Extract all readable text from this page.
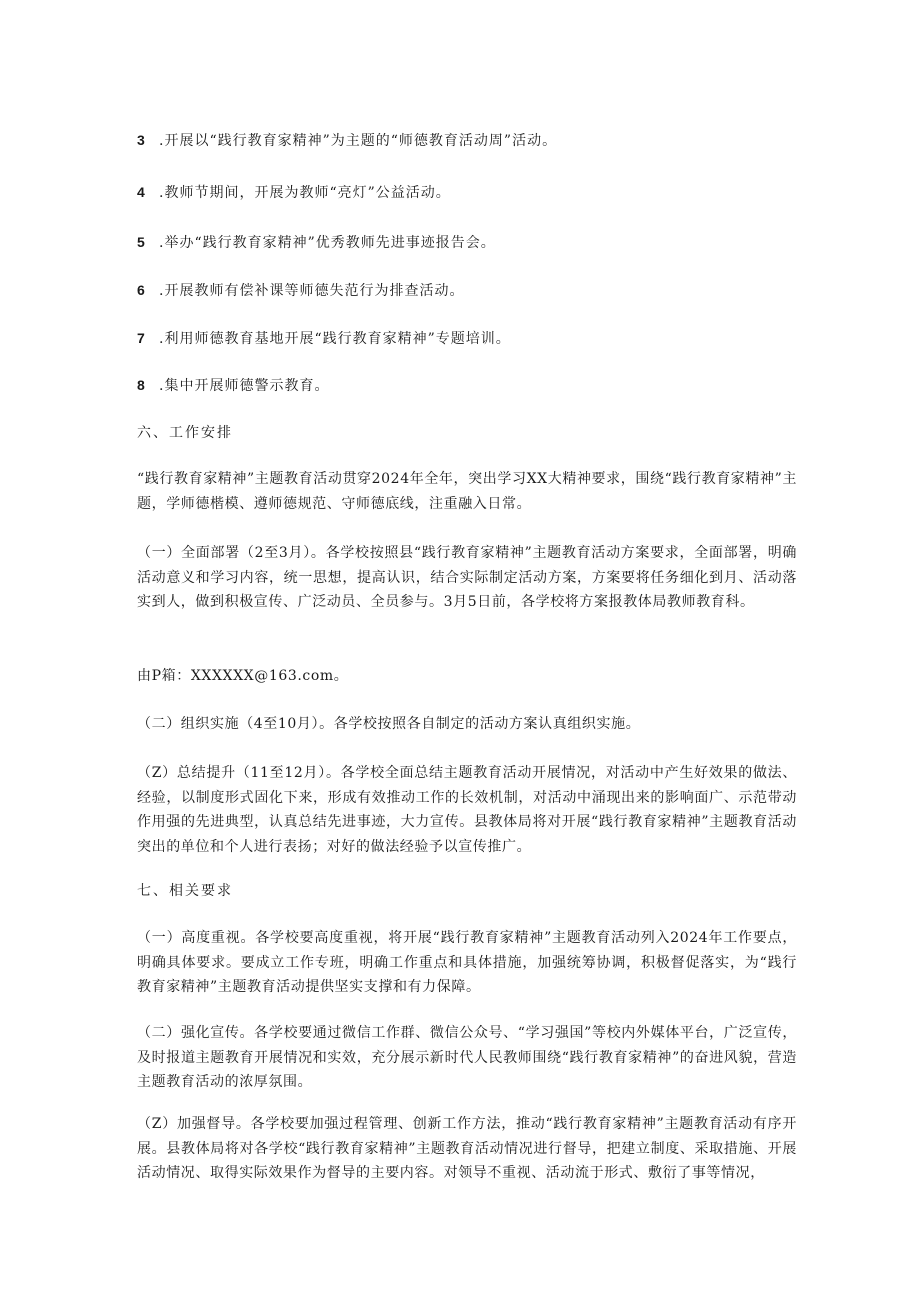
3 .开展以“践行教育家精神”为主题的“师德教育活动周”活动。
4 .教师节期间，开展为教师“亮灯”公益活动。
5 .举办“践行教育家精神”优秀教师先进事迹报告会。
6 .开展教师有偿补课等师德失范行为排查活动。
7 .利用师德教育基地开展“践行教育家精神”专题培训。
8 .集中开展师德警示教育。
六、工作安排
“践行教育家精神”主题教育活动贯穿2024年全年，突出学习XX大精神要求，围绕“践行教育家精神”主题，学师德楷模、遵师德规范、守师德底线，注重融入日常。
（一）全面部署（2至3月）。各学校按照县“践行教育家精神”主题教育活动方案要求，全面部署，明确活动意义和学习内容，统一思想，提高认识，结合实际制定活动方案，方案要将任务细化到月、活动落实到人，做到积极宣传、广泛动员、全员参与。3月5日前，各学校将方案报教体局教师教育科。
由P箱：XXXXXX@163.com。
（二）组织实施（4至10月）。各学校按照各自制定的活动方案认真组织实施。
（Z）总结提升（11至12月）。各学校全面总结主题教育活动开展情况，对活动中产生好效果的做法、经验，以制度形式固化下来，形成有效推动工作的长效机制，对活动中涌现出来的影响面广、示范带动作用强的先进典型，认真总结先进事迹，大力宣传。县教体局将对开展“践行教育家精神”主题教育活动突出的单位和个人进行表扬；对好的做法经验予以宣传推广。
七、相关要求
（一）高度重视。各学校要高度重视，将开展“践行教育家精神”主题教育活动列入2024年工作要点，明确具体要求。要成立工作专班，明确工作重点和具体措施，加强统筹协调，积极督促落实，为“践行教育家精神”主题教育活动提供坚实支撑和有力保障。
（二）强化宣传。各学校要通过微信工作群、微信公众号、“学习强国”等校内外媒体平台，广泛宣传，及时报道主题教育开展情况和实效，充分展示新时代人民教师围绕“践行教育家精神”的奋进风貌，营造主题教育活动的浓厚氛围。
（Z）加强督导。各学校要加强过程管理、创新工作方法，推动“践行教育家精神”主题教育活动有序开展。县教体局将对各学校“践行教育家精神”主题教育活动情况进行督导，把建立制度、采取措施、开展活动情况、取得实际效果作为督导的主要内容。对领导不重视、活动流于形式、敷衍了事等情况，
